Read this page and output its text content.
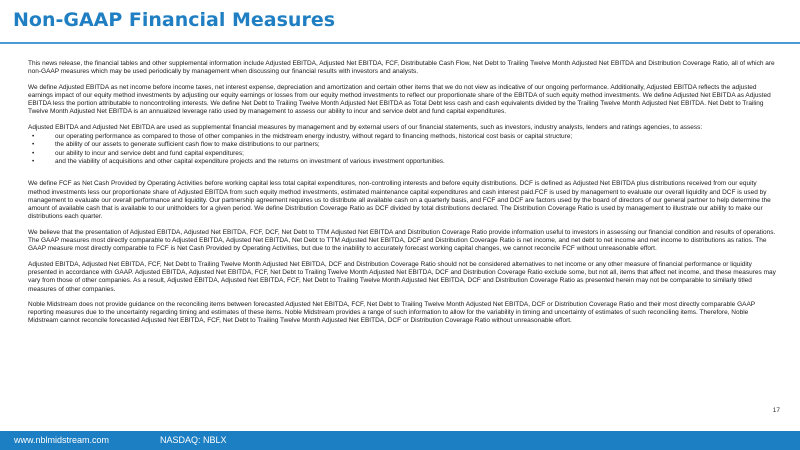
Non-GAAP Financial Measures

This news release, the financial tables and other supplemental information include Adjusted EBITDA, Adjusted Net EBITDA, FCF, Distributable Cash Flow, Net Debt to Trailing Twelve Month Adjusted Net EBITDA and Distribution Coverage Ratio, all of which are non-GAAP measures which may be used periodically by management when discussing our financial results with investors and analysts.

We define Adjusted EBITDA as net income before income taxes, net interest expense, depreciation and amortization and certain other items that we do not view as indicative of our ongoing performance. Additionally, Adjusted EBITDA reflects the adjusted earnings impact of our equity method investments by adjusting our equity earnings or losses from our equity method investments to reflect our proportionate share of the EBITDA of such equity method investments. We define Adjusted Net EBITDA as Adjusted EBITDA less the portion attributable to noncontrolling interests. We define Net Debt to Trailing Twelve Month Adjusted Net EBITDA as Total Debt less cash and cash equivalents divided by the Trailing Twelve Month Adjusted Net EBITDA. Net Debt to Trailing Twelve Month Adjusted Net EBITDA is an annualized leverage ratio used by management to assess our ability to incur and service debt and fund capital expenditures.

Adjusted EBITDA and Adjusted Net EBITDA are used as supplemental financial measures by management and by external users of our financial statements, such as investors, industry analysts, lenders and ratings agencies, to assess:

• our operating performance as compared to those of other companies in the midstream energy industry, without regard to financing methods, historical cost basis or capital structure;
• the ability of our assets to generate sufficient cash flow to make distributions to our partners;
• our ability to incur and service debt and fund capital expenditures;
• and the viability of acquisitions and other capital expenditure projects and the returns on investment of various investment opportunities.

We define FCF as Net Cash Provided by Operating Activities before working capital less total capital expenditures, non-controlling interests and before equity distributions. DCF is defined as Adjusted Net EBITDA plus distributions received from our equity method investments less our proportionate share of Adjusted EBITDA from such equity method investments, estimated maintenance capital expenditures and cash interest paid.FCF is used by management to evaluate our overall liquidity and DCF is used by management to evaluate our overall performance and liquidity. Our partnership agreement requires us to distribute all available cash on a quarterly basis, and FCF and DCF are factors used by the board of directors of our general partner to help determine the amount of available cash that is available to our unitholders for a given period. We define Distribution Coverage Ratio as DCF divided by total distributions declared. The Distribution Coverage Ratio is used by management to illustrate our ability to make our distributions each quarter.

We believe that the presentation of Adjusted EBITDA, Adjusted Net EBITDA, FCF, DCF, Net Debt to TTM Adjusted Net EBITDA and Distribution Coverage Ratio provide information useful to investors in assessing our financial condition and results of operations. The GAAP measures most directly comparable to Adjusted EBITDA, Adjusted Net EBITDA, Net Debt to TTM Adjusted Net EBITDA, DCF and Distribution Coverage Ratio is net income, and net debt to net income and net income to distributions as ratios. The GAAP measure most directly comparable to FCF is Net Cash Provided by Operating Activities, but due to the inability to accurately forecast working capital changes, we cannot reconcile FCF without unreasonable effort.

Adjusted EBITDA, Adjusted Net EBITDA, FCF, Net Debt to Trailing Twelve Month Adjusted Net EBITDA, DCF and Distribution Coverage Ratio should not be considered alternatives to net income or any other measure of financial performance or liquidity presented in accordance with GAAP. Adjusted EBITDA, Adjusted Net EBITDA, FCF, Net Debt to Trailing Twelve Month Adjusted Net EBITDA, DCF and Distribution Coverage Ratio exclude some, but not all, items that affect net income, and these measures may vary from those of other companies. As a result, Adjusted EBITDA, Adjusted Net EBITDA, FCF, Net Debt to Trailing Twelve Month Adjusted Net EBITDA, DCF and Distribution Coverage Ratio as presented herein may not be comparable to similarly titled measures of other companies.

Noble Midstream does not provide guidance on the reconciling items between forecasted Adjusted Net EBITDA, FCF, Net Debt to Trailing Twelve Month Adjusted Net EBITDA, DCF or Distribution Coverage Ratio and their most directly comparable GAAP reporting measures due to the uncertainty regarding timing and estimates of these items. Noble Midstream provides a range of such information to allow for the variability in timing and uncertainty of estimates of such reconciling items. Therefore, Noble Midstream cannot reconcile forecasted Adjusted Net EBITDA, FCF, Net Debt to Trailing Twelve Month Adjusted Net EBITDA, DCF or Distribution Coverage Ratio without unreasonable effort.

17
www.nblmidstream.com	NASDAQ: NBLX
